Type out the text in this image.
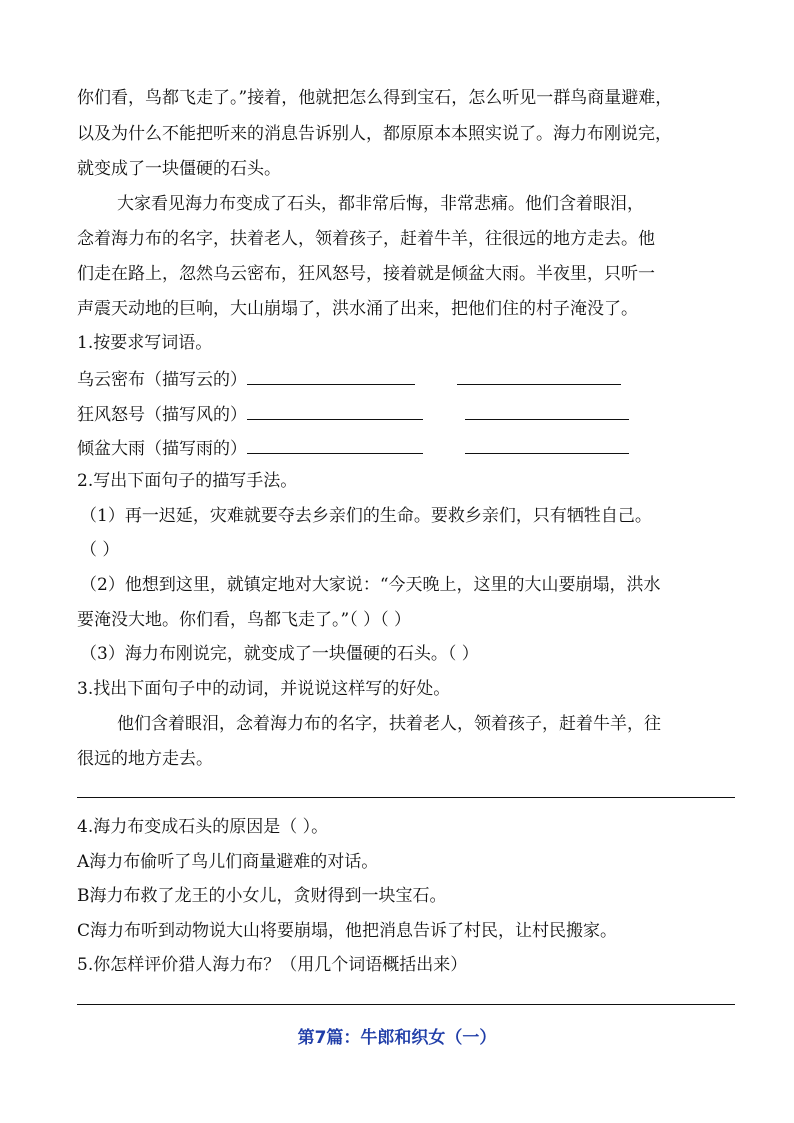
你们看，鸟都飞走了。”接着，他就把怎么得到宝石，怎么听见一群鸟商量避难，
以及为什么不能把听来的消息告诉别人，都原原本本照实说了。海力布刚说完，
就变成了一块僵硬的石头。
大家看见海力布变成了石头，都非常后悔，非常悲痛。他们含着眼泪，
念着海力布的名字，扶着老人，领着孩子，赶着牛羊，往很远的地方走去。他
们走在路上，忽然乌云密布，狂风怒号，接着就是倾盆大雨。半夜里，只听一
声震天动地的巨响，大山崩塌了，洪水涌了出来，把他们住的村子淹没了。
1.按要求写词语。
乌云密布（描写云的）
狂风怒号（描写风的）
倾盆大雨（描写雨的）
2.写出下面句子的描写手法。
（1）再一迟延，灾难就要夺去乡亲们的生命。要救乡亲们，只有牺牲自己。
（ ）
（2）他想到这里，就镇定地对大家说：“今天晚上，这里的大山要崩塌，洪水
要淹没大地。你们看，鸟都飞走了。”（ ）（ ）
（3）海力布刚说完，就变成了一块僵硬的石头。（ ）
3.找出下面句子中的动词，并说说这样写的好处。
他们含着眼泪，念着海力布的名字，扶着老人，领着孩子，赶着牛羊，往
很远的地方走去。
4.海力布变成石头的原因是（ ）。
A海力布偷听了鸟儿们商量避难的对话。
B海力布救了龙王的小女儿，贪财得到一块宝石。
C海力布听到动物说大山将要崩塌，他把消息告诉了村民，让村民搬家。
5.你怎样评价猎人海力布？（用几个词语概括出来）
第7篇：牛郎和织女（一）
